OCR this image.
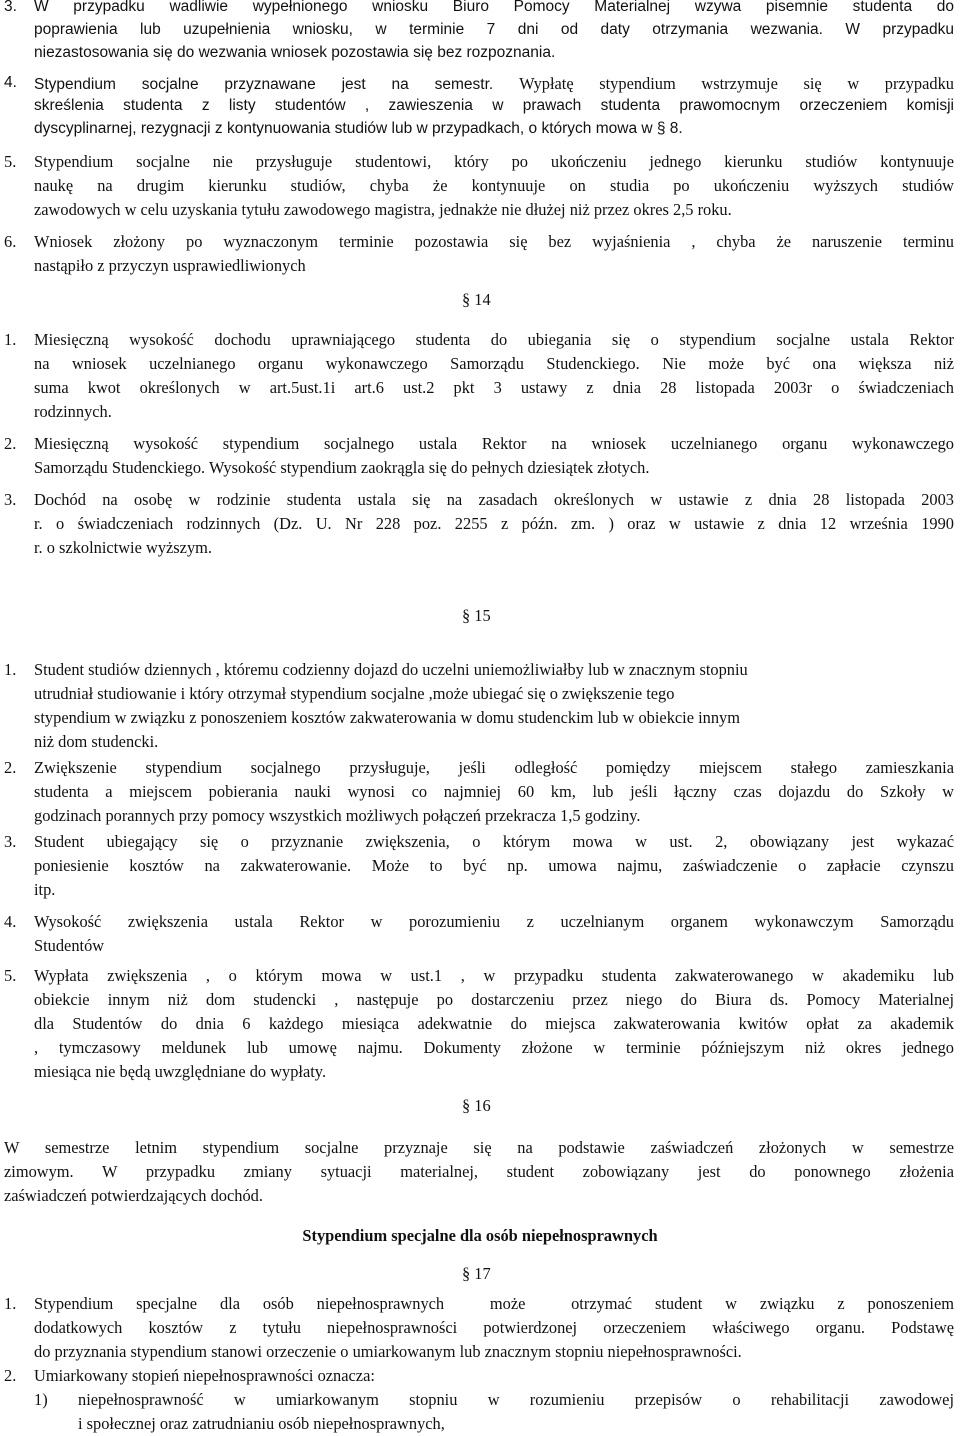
3. W przypadku wadliwie wypełnionego wniosku Biuro Pomocy Materialnej wzywa pisemnie studenta do
poprawienia lub uzupełnienia wniosku, w terminie 7 dni od daty otrzymania wezwania. W przypadku
niezastosowania się do wezwania wniosek pozostawia się bez rozpoznania.
4. Stypendium socjalne przyznawane jest na semestr. Wypłatę stypendium wstrzymuje się w przypadku
skreślenia studenta z listy studentów , zawieszenia w prawach studenta prawomocnym orzeczeniem komisji
dyscyplinarnej, rezygnacji z kontynuowania studiów lub w przypadkach, o których mowa w § 8.
5. Stypendium socjalne nie przysługuje studentowi, który po ukończeniu jednego kierunku studiów kontynuuje
naukę na drugim kierunku studiów, chyba że kontynuuje on studia po ukończeniu wyższych studiów
zawodowych w celu uzyskania tytułu zawodowego magistra, jednakże nie dłużej niż przez okres 2,5 roku.
6. Wniosek złożony po wyznaczonym terminie pozostawia się bez wyjaśnienia , chyba że naruszenie terminu
nastąpiło z przyczyn usprawiedliwionych
§ 14
1. Miesięczną wysokość dochodu uprawniającego studenta do ubiegania się o stypendium socjalne ustala Rektor
na wniosek uczelnianego organu wykonawczego Samorządu Studenckiego. Nie może być ona większa niż
suma kwot określonych w art.5ust.1i art.6 ust.2 pkt 3 ustawy z dnia 28 listopada 2003r o świadczeniach
rodzinnych.
2. Miesięczną wysokość stypendium socjalnego ustala Rektor na wniosek uczelnianego organu wykonawczego
Samorządu Studenckiego. Wysokość stypendium zaokrągla się do pełnych dziesiątek złotych.
3. Dochód na osobę w rodzinie studenta ustala się na zasadach określonych w ustawie z dnia 28 listopada 2003
r. o świadczeniach rodzinnych (Dz. U. Nr 228 poz. 2255 z późn. zm. ) oraz w ustawie z dnia 12 września 1990
r. o szkolnictwie wyższym.
§ 15
1. Student studiów dziennych , któremu codzienny dojazd do uczelni uniemożliwiałby lub w znacznym stopniu
utrudniał studiowanie i który otrzymał stypendium socjalne ,może ubiegać się o zwiększenie tego
stypendium w związku z ponoszeniem kosztów zakwaterowania w domu studenckim lub w obiekcie innym
niż dom studencki.
2. Zwiększenie stypendium socjalnego przysługuje, jeśli odległość pomiędzy miejscem stałego zamieszkania
studenta a miejscem pobierania nauki wynosi co najmniej 60 km, lub jeśli łączny czas dojazdu do Szkoły w
godzinach porannych przy pomocy wszystkich możliwych połączeń przekracza 1,5 godziny.
3. Student ubiegający się o przyznanie zwiększenia, o którym mowa w ust. 2, obowiązany jest wykazać
poniesienie kosztów na zakwaterowanie. Może to być np. umowa najmu, zaświadczenie o zapłacie czynszu
itp.
4. Wysokość zwiększenia ustala Rektor w porozumieniu z uczelnianym organem wykonawczym Samorządu
Studentów
5. Wypłata zwiększenia , o którym mowa w ust.1 , w przypadku studenta zakwaterowanego w akademiku lub
obiekcie innym niż dom studencki , następuje po dostarczeniu przez niego do Biura ds. Pomocy Materialnej
dla Studentów do dnia 6 każdego miesiąca adekwatnie do miejsca zakwaterowania kwitów opłat za akademik
, tymczasowy meldunek lub umowę najmu. Dokumenty złożone w terminie późniejszym niż okres jednego
miesiąca nie będą uwzględniane do wypłaty.
§ 16
W semestrze letnim stypendium socjalne przyznaje się na podstawie zaświadczeń złożonych w semestrze
zimowym. W przypadku zmiany sytuacji materialnej, student zobowiązany jest do ponownego złożenia
zaświadczeń potwierdzających dochód.
Stypendium specjalne dla osób niepełnosprawnych
§ 17
1. Stypendium specjalne dla osób niepełnosprawnych  może  otrzymać student w związku z ponoszeniem
dodatkowych kosztów z tytułu niepełnosprawności potwierdzonej orzeczeniem właściwego organu. Podstawę
do przyznania stypendium stanowi orzeczenie o umiarkowanym lub znacznym stopniu niepełnosprawności.
2. Umiarkowany stopień niepełnosprawności oznacza:
1) niepełnosprawność w umiarkowanym stopniu w rozumieniu przepisów o rehabilitacji zawodowej
i społecznej oraz zatrudnianiu osób niepełnosprawnych,
